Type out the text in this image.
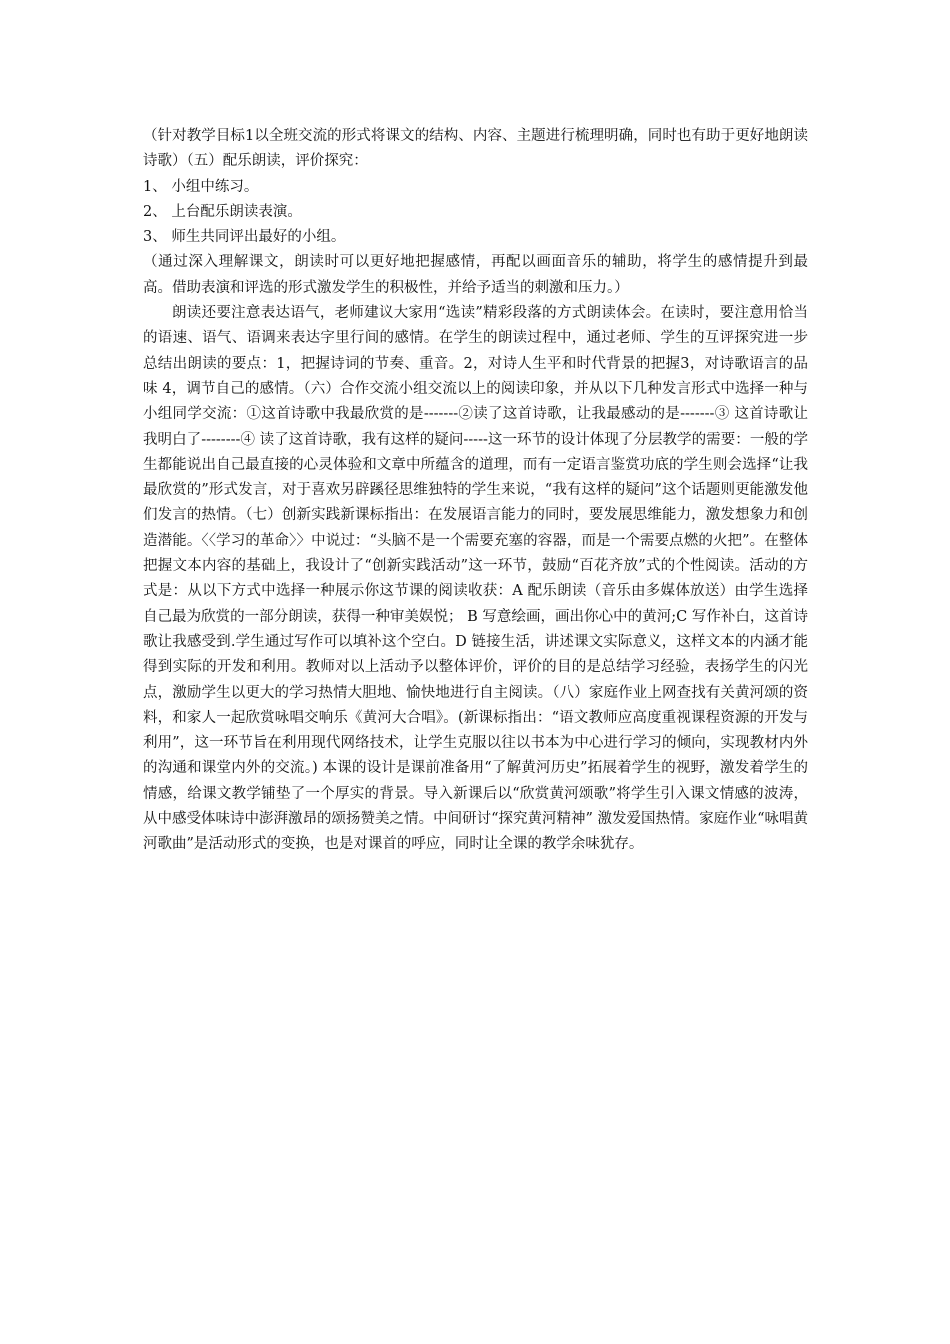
（针对教学目标1以全班交流的形式将课文的结构、内容、主题进行梳理明确，同时也有助于更好地朗读诗歌）（五）配乐朗读，评价探究：

1、 小组中练习。

2、 上台配乐朗读表演。

3、 师生共同评出最好的小组。

（通过深入理解课文，朗读时可以更好地把握感情，再配以画面音乐的辅助，将学生的感情提升到最高。借助表演和评选的形式激发学生的积极性，并给予适当的刺激和压力。）

朗读还要注意表达语气，老师建议大家用“选读”精彩段落的方式朗读体会。在读时，要注意用恰当的语速、语气、语调来表达字里行间的感情。在学生的朗读过程中，通过老师、学生的互评探究进一步总结出朗读的要点：1，把握诗词的节奏、重音。2，对诗人生平和时代背景的把握3，对诗歌语言的品味 4，调节自己的感情。（六）合作交流小组交流以上的阅读印象，并从以下几种发言形式中选择一种与小组同学交流：①这首诗歌中我最欣赏的是-------②读了这首诗歌，让我最感动的是-------③ 这首诗歌让我明白了--------④ 读了这首诗歌，我有这样的疑问-----这一环节的设计体现了分层教学的需要：一般的学生都能说出自己最直接的心灵体验和文章中所蕴含的道理，而有一定语言鉴赏功底的学生则会选择“让我最欣赏的”形式发言，对于喜欢另辟蹊径思维独特的学生来说，“我有这样的疑问”这个话题则更能激发他们发言的热情。（七）创新实践新课标指出：在发展语言能力的同时，要发展思维能力，激发想象力和创造潜能。〈〈学习的革命〉〉中说过：“头脑不是一个需要充塞的容器，而是一个需要点燃的火把”。在整体把握文本内容的基础上，我设计了“创新实践活动”这一环节，鼓励“百花齐放”式的个性阅读。活动的方式是：从以下方式中选择一种展示你这节课的阅读收获：A 配乐朗读（音乐由多媒体放送）由学生选择自己最为欣赏的一部分朗读，获得一种审美娱悦； B 写意绘画，画出你心中的黄河;C 写作补白，这首诗歌让我感受到.学生通过写作可以填补这个空白。D 链接生活，讲述课文实际意义，这样文本的内涵才能得到实际的开发和利用。教师对以上活动予以整体评价，评价的目的是总结学习经验，表扬学生的闪光点，激励学生以更大的学习热情大胆地、愉快地进行自主阅读。（八）家庭作业上网查找有关黄河颂的资料，和家人一起欣赏咏唱交响乐《黄河大合唱》。(新课标指出：“语文教师应高度重视课程资源的开发与利用”，这一环节旨在利用现代网络技术，让学生克服以往以书本为中心进行学习的倾向，实现教材内外的沟通和课堂内外的交流。) 本课的设计是课前准备用“了解黄河历史”拓展着学生的视野，激发着学生的情感，给课文教学铺垫了一个厚实的背景。导入新课后以“欣赏黄河颂歌”将学生引入课文情感的波涛，从中感受体味诗中澎湃激昂的颂扬赞美之情。中间研讨“探究黄河精神” 激发爱国热情。家庭作业“咏唱黄河歌曲”是活动形式的变换，也是对课首的呼应，同时让全课的教学余味犹存。
